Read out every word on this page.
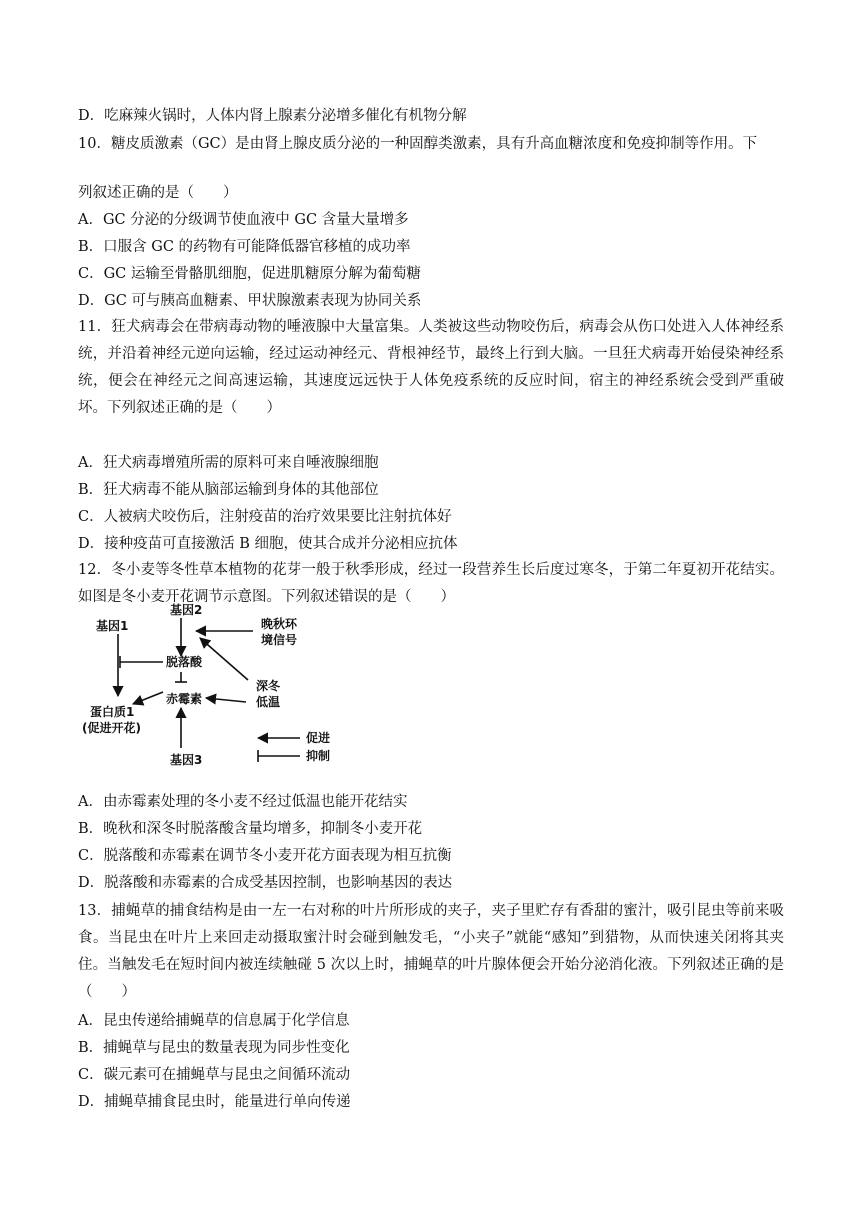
D．吃麻辣火锅时，人体内肾上腺素分泌增多催化有机物分解
10．糖皮质激素（GC）是由肾上腺皮质分泌的一种固醇类激素，具有升高血糖浓度和免疫抑制等作用。下
列叙述正确的是（　　）
A．GC 分泌的分级调节使血液中 GC 含量大量增多
B．口服含 GC 的药物有可能降低器官移植的成功率
C．GC 运输至骨骼肌细胞，促进肌糖原分解为葡萄糖
D．GC 可与胰高血糖素、甲状腺激素表现为协同关系
11．狂犬病毒会在带病毒动物的唾液腺中大量富集。人类被这些动物咬伤后，病毒会从伤口处进入人体神经系统，并沿着神经元逆向运输，经过运动神经元、背根神经节，最终上行到大脑。一旦狂犬病毒开始侵染神经系统，便会在神经元之间高速运输，其速度远远快于人体免疫系统的反应时间，宿主的神经系统会受到严重破坏。下列叙述正确的是（　　）
A．狂犬病毒增殖所需的原料可来自唾液腺细胞
B．狂犬病毒不能从脑部运输到身体的其他部位
C．人被病犬咬伤后，注射疫苗的治疗效果要比注射抗体好
D．接种疫苗可直接激活 B 细胞，使其合成并分泌相应抗体
12．冬小麦等冬性草本植物的花芽一般于秋季形成，经过一段营养生长后度过寒冬，于第二年夏初开花结实。如图是冬小麦开花调节示意图。下列叙述错误的是（　　）
基因2
基因1	晚秋环
境信号
脱落酸
深冬
低温
赤霉素
蛋白质1
(促进开花)
基因3
促进
抑制
A．由赤霉素处理的冬小麦不经过低温也能开花结实
B．晚秋和深冬时脱落酸含量均增多，抑制冬小麦开花
C．脱落酸和赤霉素在调节冬小麦开花方面表现为相互抗衡
D．脱落酸和赤霉素的合成受基因控制，也影响基因的表达
13．捕蝇草的捕食结构是由一左一右对称的叶片所形成的夹子，夹子里贮存有香甜的蜜汁，吸引昆虫等前来吸食。当昆虫在叶片上来回走动摄取蜜汁时会碰到触发毛，“小夹子”就能“感知”到猎物，从而快速关闭将其夹住。当触发毛在短时间内被连续触碰 5 次以上时，捕蝇草的叶片腺体便会开始分泌消化液。下列叙述正确的是（　　）
A．昆虫传递给捕蝇草的信息属于化学信息
B．捕蝇草与昆虫的数量表现为同步性变化
C．碳元素可在捕蝇草与昆虫之间循环流动
D．捕蝇草捕食昆虫时，能量进行单向传递
